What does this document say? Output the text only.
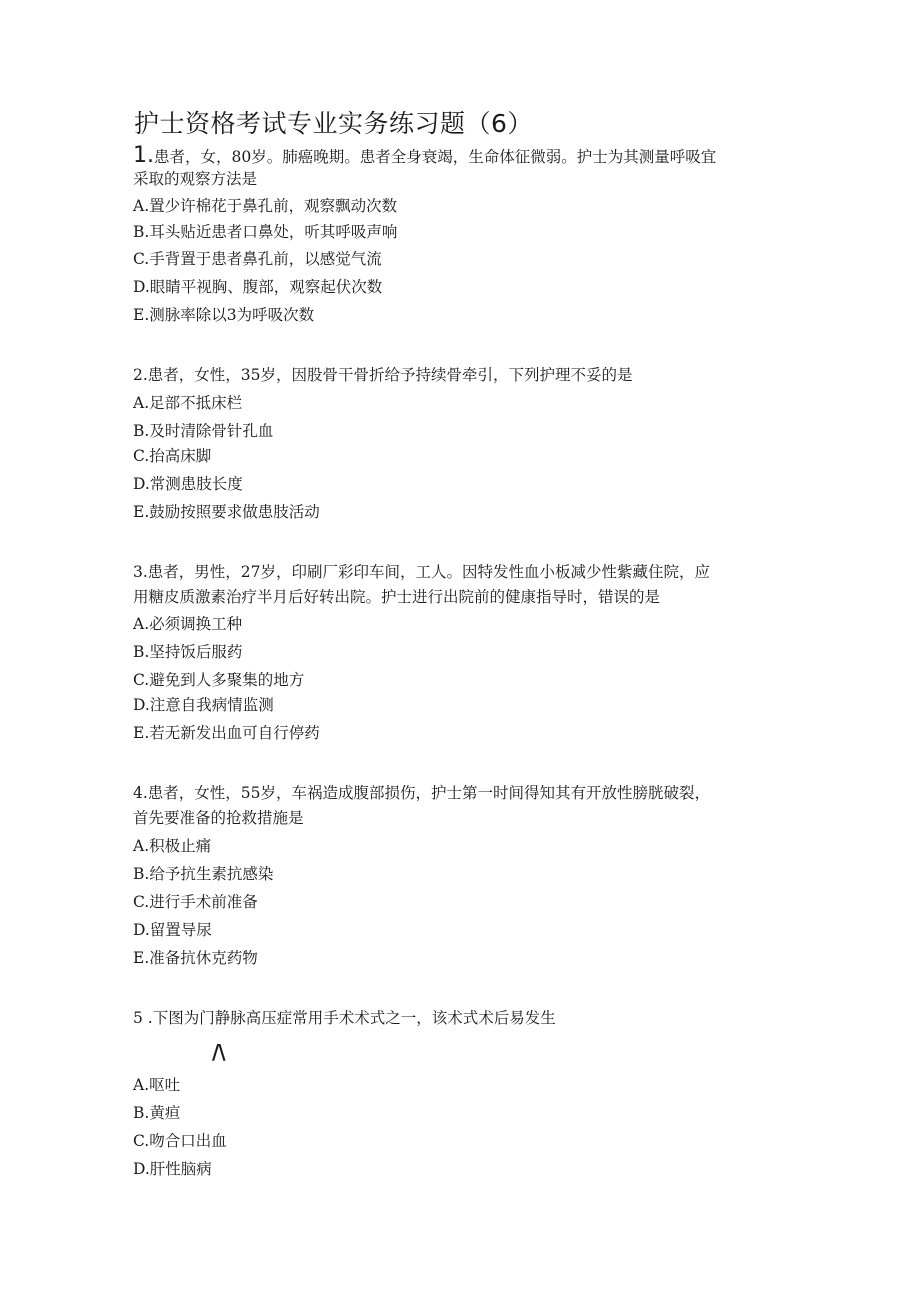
护士资格考试专业实务练习题（6）
1.患者，女，80岁。肺癌晚期。患者全身衰竭，生命体征微弱。护士为其测量呼吸宜
采取的观察方法是
A.置少许棉花于鼻孔前，观察飘动次数
B.耳头贴近患者口鼻处，听其呼吸声响
C.手背置于患者鼻孔前，以感觉气流
D.眼睛平视胸、腹部，观察起伏次数
E.测脉率除以3为呼吸次数
2.患者，女性，35岁，因股骨干骨折给予持续骨牵引，下列护理不妥的是
A.足部不抵床栏
B.及时清除骨针孔血
C.抬高床脚
D.常测患肢长度
E.鼓励按照要求做患肢活动
3.患者，男性，27岁，印刷厂彩印车间，工人。因特发性血小板减少性紫藏住院，应
用糖皮质激素治疗半月后好转出院。护士进行出院前的健康指导时，错误的是
A.必须调换工种
B.坚持饭后服药
C.避免到人多聚集的地方
D.注意自我病情监测
E.若无新发出血可自行停药
4.患者，女性，55岁，车祸造成腹部损伤，护士第一时间得知其有开放性膀胱破裂，
首先要准备的抢救措施是
A.积极止痛
B.给予抗生素抗感染
C.进行手术前准备
D.留置导尿
E.准备抗休克药物
5 .下图为门静脉高压症常用手术术式之一，该术式术后易发生
/\
A.呕吐
B.黄疸
C.吻合口出血
D.肝性脑病
